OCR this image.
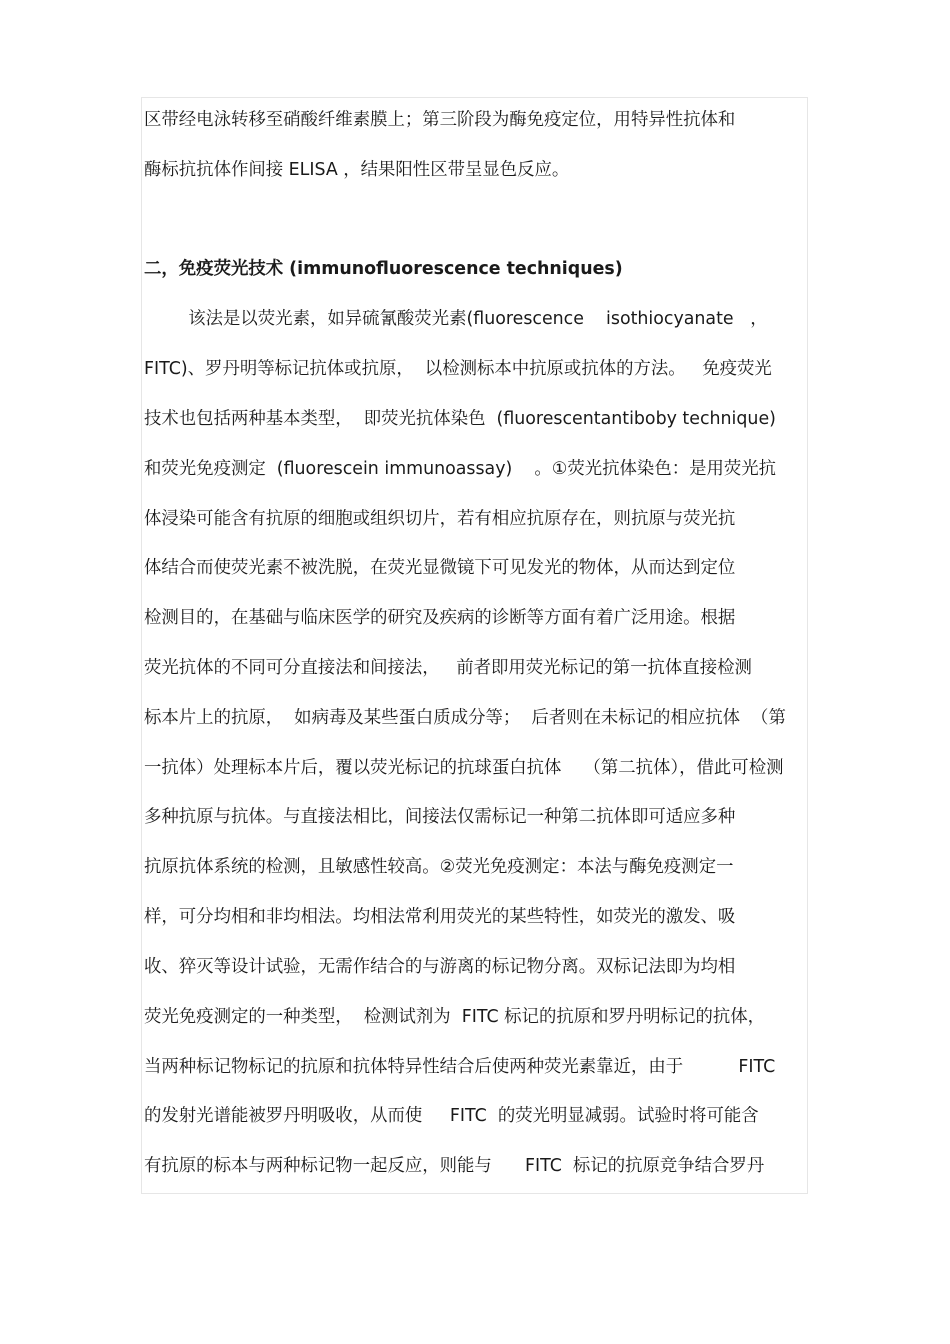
区带经电泳转移至硝酸纤维素膜上；第三阶段为酶免疫定位，用特异性抗体和
酶标抗抗体作间接 ELISA ，结果阳性区带呈显色反应。
二，免疫荧光技术 (immunofluorescence techniques)
该法是以荧光素，如异硫氰酸荧光素(fluorescence    isothiocyanate   ，
FITC)、罗丹明等标记抗体或抗原，  以检测标本中抗原或抗体的方法。   免疫荧光
技术也包括两种基本类型，  即荧光抗体染色  (fluorescentantiboby technique)
和荧光免疫测定  (fluorescein immunoassay)    。①荧光抗体染色：是用荧光抗
体浸染可能含有抗原的细胞或组织切片，若有相应抗原存在，则抗原与荧光抗
体结合而使荧光素不被洗脱，在荧光显微镜下可见发光的物体，从而达到定位
检测目的，在基础与临床医学的研究及疾病的诊断等方面有着广泛用途。根据
荧光抗体的不同可分直接法和间接法，   前者即用荧光标记的第一抗体直接检测
标本片上的抗原，  如病毒及某些蛋白质成分等；  后者则在未标记的相应抗体  （第
一抗体）处理标本片后，覆以荧光标记的抗球蛋白抗体    （第二抗体），借此可检测
多种抗原与抗体。与直接法相比，间接法仅需标记一种第二抗体即可适应多种
抗原抗体系统的检测，且敏感性较高。②荧光免疫测定：本法与酶免疫测定一
样，可分均相和非均相法。均相法常利用荧光的某些特性，如荧光的激发、吸
收、猝灭等设计试验，无需作结合的与游离的标记物分离。双标记法即为均相
荧光免疫测定的一种类型，  检测试剂为  FITC 标记的抗原和罗丹明标记的抗体，
当两种标记物标记的抗原和抗体特异性结合后使两种荧光素靠近，由于          FITC
的发射光谱能被罗丹明吸收，从而使     FITC  的荧光明显减弱。试验时将可能含
有抗原的标本与两种标记物一起反应，则能与      FITC  标记的抗原竞争结合罗丹
